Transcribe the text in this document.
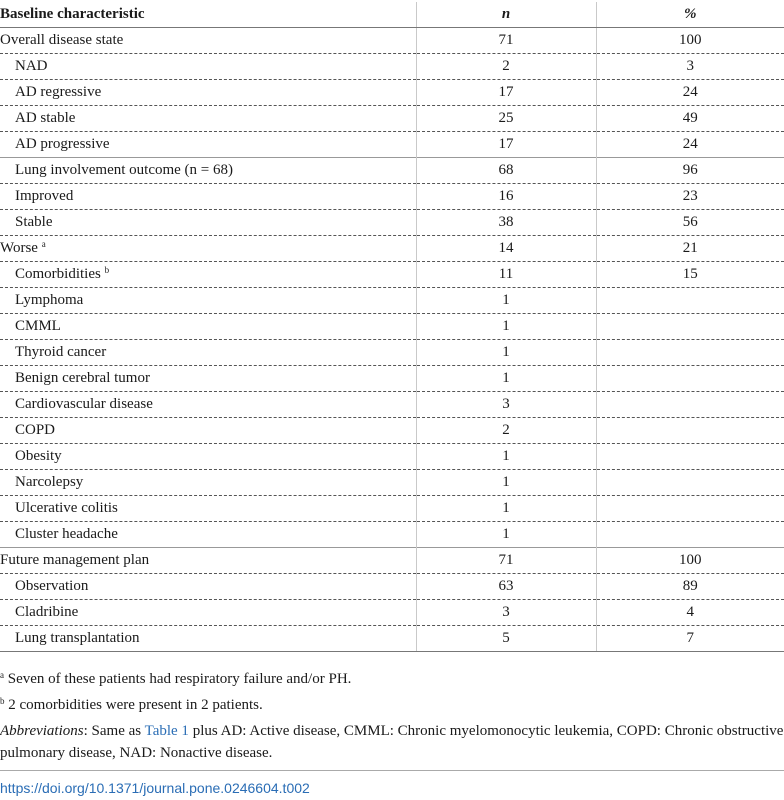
Baseline characteristic	n	%
Overall disease state	71	100
NAD	2	3
AD regressive	17	24
AD stable	25	49
AD progressive	17	24
Lung involvement outcome (n = 68)	68	96
Improved	16	23
Stable	38	56
Worse $^a$	14	21
Comorbidities $^b$	11	15
Lymphoma	1	
CMML	1	
Thyroid cancer	1	
Benign cerebral tumor	1	
Cardiovascular disease	3	
COPD	2	
Obesity	1	
Narcolepsy	1	
Ulcerative colitis	1	
Cluster headache	1	
Future management plan	71	100
Observation	63	89
Cladribine	3	4
Lung transplantation	5	7

$^a$ Seven of these patients had respiratory failure and/or PH.

$^b$ 2 comorbidities were present in 2 patients.

Abbreviations: Same as Table 1 plus AD: Active disease, CMML: Chronic myelomonocytic leukemia, COPD: Chronic obstructive pulmonary disease, NAD: Nonactive disease.

https://doi.org/10.1371/journal.pone.0246604.t002
